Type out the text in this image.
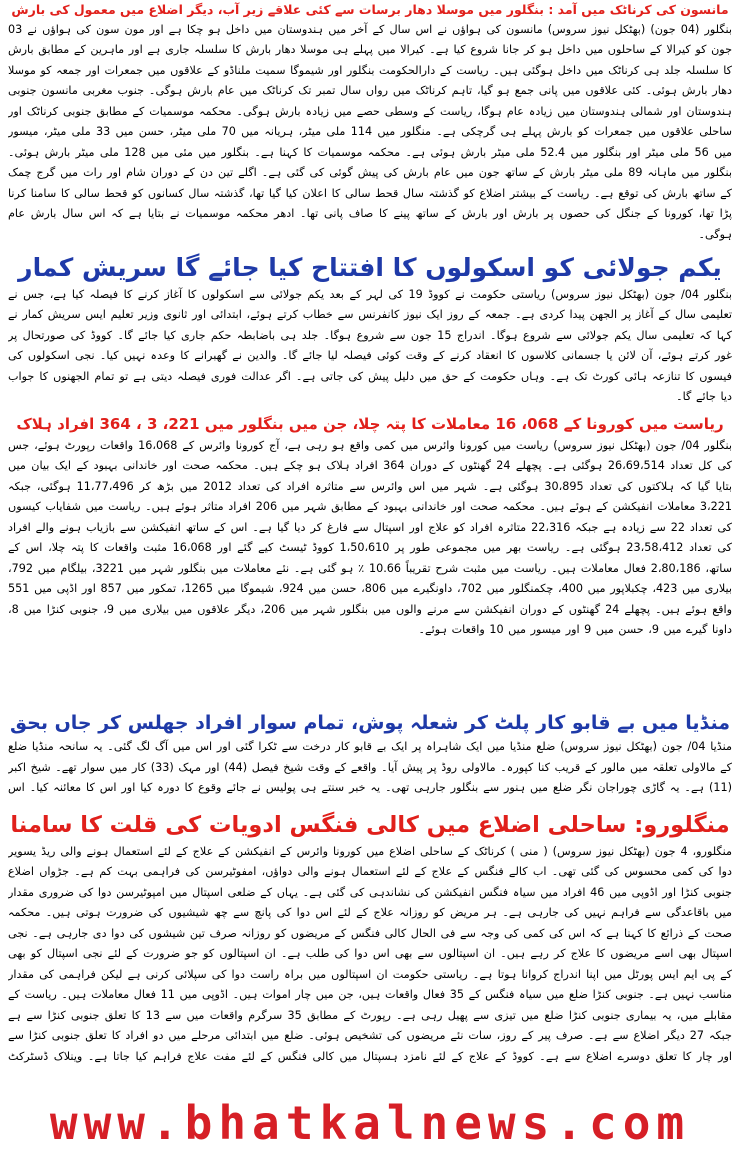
مانسون کی کرناٹک میں آمد : بنگلور میں موسلا دھار برسات سے کئی علاقے زیرِ آب، دیگر اضلاع میں معمول کی بارش

بنگلور (04 جون) (بھٹکل نیوز سروس) مانسون کی ہواؤں نے اس سال کے آخر میں ہندوستان میں داخل ہو چکا ہے اور مون سون کی ہواؤں نے 03 جون کو کیرالا کے ساحلوں میں داخل ہو کر جانا شروع کیا ہے۔ کیرالا میں پہلے ہی موسلا دھار بارش کا سلسلہ جاری ہے اور ماہرین کے مطابق بارش کا سلسلہ جلد ہی کرناٹک میں داخل ہوگئی ہیں۔ ریاست کے دارالحکومت بنگلور اور شیموگا سمیت ملناڈو کے علاقوں میں جمعرات اور جمعہ کو موسلا دھار بارش ہوئی۔ کئی علاقوں میں پانی جمع ہو گیا، تاہم کرناٹک میں رواں سال تمبر تک کرناٹک میں عام بارش ہوگی۔ جنوب مغربی مانسون جنوبی ہندوستان اور شمالی ہندوستان میں زیادہ عام ہوگا، ریاست کے وسطی حصے میں زیادہ بارش ہوگی۔ محکمہ موسمیات کے مطابق جنوبی کرناٹک اور ساحلی علاقوں میں جمعرات کو بارش پہلے ہی گرچکی ہے۔ منگلور میں 114 ملی میٹر، ہریانہ میں 70 ملی میٹر، حسن میں 33 ملی میٹر، میسور میں 56 ملی میٹر اور بنگلور میں 52.4 ملی میٹر بارش ہوئی ہے۔ محکمہ موسمیات کا کہنا ہے۔ بنگلور میں مئی میں 128 ملی میٹر بارش ہوئی۔ بنگلور میں ماہانہ 89 ملی میٹر بارش کے ساتھ جون میں عام بارش کی پیش گوئی کی گئی ہے۔ اگلے تین دن کے دوران شام اور رات میں گرج چمک کے ساتھ بارش کی توقع ہے۔ ریاست کے بیشتر اضلاع کو گذشتہ سال قحط سالی کا اعلان کیا گیا تھا، گذشتہ سال کسانوں کو قحط سالی کا سامنا کرنا پڑا تھا، کورونا کے جنگل کی حصوں پر بارش اور بارش کے ساتھ پینے کا صاف پانی تھا۔ ادھر محکمہ موسمیات نے بتایا ہے کہ اس سال بارش عام ہوگی۔

یکم جولائی کو اسکولوں کا افتتاح کیا جائے گا سریش کمار

بنگلور 04/ جون (بھٹکل نیوز سروس) ریاستی حکومت نے کووڈ 19 کی لہر کے بعد یکم جولائی سے اسکولوں کا آغاز کرنے کا فیصلہ کیا ہے، جس نے تعلیمی سال کے آغاز پر الجھن پیدا کردی ہے۔ جمعہ کے روز ایک نیوز کانفرنس سے خطاب کرتے ہوئے، ابتدائی اور ثانوی وزیر تعلیم ایس سریش کمار نے کہا کہ تعلیمی سال یکم جولائی سے شروع ہوگا۔ اندراج 15 جون سے شروع ہوگا۔ جلد ہی باضابطہ حکم جاری کیا جائے گا۔ کووڈ کی صورتحال پر غور کرتے ہوئے، آن لائن یا جسمانی کلاسوں کا انعقاد کرنے کے وقت کوئی فیصلہ لیا جائے گا۔ والدین نے گھبرانے کا وعدہ نہیں کیا۔ نجی اسکولوں کی فیسوں کا تنازعہ ہائی کورٹ تک ہے۔ وہاں حکومت کے حق میں دلیل پیش کی جاتی ہے۔ اگر عدالت فوری فیصلہ دیتی ہے تو تمام الجھنوں کا جواب دیا جائے گا۔

ریاست میں کورونا کے 068، 16 معاملات کا پتہ چلا، جن میں بنگلور میں 221، 3 ، 364 افراد ہلاک

بنگلور 04/ جون (بھٹکل نیوز سروس) ریاست میں کورونا وائرس میں کمی واقع ہو رہی ہے، آج کورونا وائرس کے 16،068 واقعات رپورٹ ہوئے، جس کی کل تعداد 26،69،514 ہوگئی ہے۔ پچھلے 24 گھنٹوں کے دوران 364 افراد ہلاک ہو چکے ہیں۔ محکمہ صحت اور خاندانی بہبود کے ایک بیان میں بتایا گیا کہ ہلاکتوں کی تعداد 30،895 ہوگئی ہے۔ شہر میں اس وائرس سے متاثرہ افراد کی تعداد 2012 میں بڑھ کر 11،77،496 ہوگئی، جبکہ 3،221 معاملات انفیکشن کے ہوئے ہیں۔ محکمہ صحت اور خاندانی بہبود کے مطابق شہر میں 206 افراد متاثر ہوئے ہیں۔ ریاست میں شفایاب کیسوں کی تعداد 22 سے زیادہ ہے جبکہ 22،316 متاثرہ افراد کو علاج اور اسپتال سے فارغ کر دیا گیا ہے۔ اس کے ساتھ انفیکشن سے بازیاب ہونے والے افراد کی تعداد 23،58،412 ہوگئی ہے۔ ریاست بھر میں مجموعی طور پر 1،50،610 کووڈ ٹیسٹ کیے گئے اور 16،068 مثبت واقعات کا پتہ چلا، اس کے ساتھ، 2،80،186 فعال معاملات ہیں۔ ریاست میں مثبت شرح تقریباً 10.66 ٪ ہو گئی ہے۔ نئے معاملات میں بنگلور شہر میں 3221، بیلگام میں 792، بیلاری میں 423، چکبلاپور میں 400، چکمنگلور میں 702، داونگیرے میں 806، حسن میں 924، شیموگا میں 1265، تمکور میں 857 اور اڈپی میں 551 واقع ہوئے ہیں۔ پچھلے 24 گھنٹوں کے دوران انفیکشن سے مرنے والوں میں بنگلور شہر میں 206، دیگر علاقوں میں بیلاری میں 9، جنوبی کنڑا میں 8، داونا گیرے میں 9، حسن میں 9 اور میسور میں 10 واقعات ہوئے۔

منڈیا میں بے قابو کار پلٹ کر شعلہ پوش، تمام سوار افراد جھلس کر جاں بحق

منڈیا 04/ جون (بھٹکل نیوز سروس) ضلع منڈیا میں ایک شاہراہ پر ایک بے قابو کار درخت سے ٹکرا گئی اور اس میں آگ لگ گئی۔ یہ سانحہ منڈیا ضلع کے مالاولی تعلقہ میں مالور کے قریب کنا کپورہ۔ مالاولی روڈ پر پیش آیا۔ واقعے کے وقت شیخ فیصل (44) اور مہک (33) کار میں سوار تھے۔ شیخ اکبر (11) ہے۔ یہ گاڑی چوراجان نگر ضلع میں ہنور سے بنگلور جارہی تھی۔ یہ خبر سنتے ہی پولیس نے جائے وقوع کا دورہ کیا اور اس کا معائنہ کیا۔ اس

منگلورو: ساحلی اضلاع میں کالی فنگس ادویات کی قلت کا سامنا

منگلورو، 4 جون (بھٹکل نیوز سروس) ( منی ) کرناٹک کے ساحلی اضلاع میں کورونا وائرس کے انفیکشن کے علاج کے لئے استعمال ہونے والی ریڈ یسویر دوا کی کمی محسوس کی گئی تھی۔ اب کالے فنگس کے علاج کے لئے استعمال ہونے والی دواؤں، امفوٹیرسن کی فراہمی بہت کم ہے۔ جڑواں اضلاع جنوبی کنڑا اور اڈوپی میں 46 افراد میں سیاہ فنگس انفیکشن کی نشاندہی کی گئی ہے۔ یہاں کے ضلعی اسپتال میں امپوٹیرسن دوا کی ضروری مقدار میں باقاعدگی سے فراہم نہیں کی جارہی ہے۔ ہر مریض کو روزانہ علاج کے لئے اس دوا کی پانچ سے چھ شیشیوں کی ضرورت ہوتی ہیں۔ محکمہ صحت کے ذرائع کا کہنا ہے کہ اس کی کمی کی وجہ سے فی الحال کالی فنگس کے مریضوں کو روزانہ صرف تین شیشوں کی دوا دی جارہی ہے۔ نجی اسپتال بھی اسے مریضوں کا علاج کر رہے ہیں۔ ان اسپتالوں سے بھی اس دوا کی طلب ہے۔ ان اسپتالوں کو جو ضرورت کے لئے نجی اسپتال کو بھی کے پی ایم ایس پورٹل میں اپنا اندراج کروانا ہوتا ہے۔ ریاستی حکومت ان اسپتالوں میں براہ راست دوا کی سپلائی کرنی ہے لیکن فراہمی کی مقدار مناسب نہیں ہے۔ جنوبی کنڑا ضلع میں سیاہ فنگس کے 35 فعال واقعات ہیں، جن میں چار اموات ہیں۔ اڈوپی میں 11 فعال معاملات ہیں۔ ریاست کے مقابلے میں، یہ بیماری جنوبی کنڑا ضلع میں تیزی سے پھیل رہی ہے۔ رپورٹ کے مطابق 35 سرگرم واقعات میں سے 13 کا تعلق جنوبی کنڑا سے ہے جبکہ 27 دیگر اضلاع سے ہے۔ صرف پیر کے روز، سات نئے مریضوں کی تشخیص ہوئی۔ ضلع میں ابتدائی مرحلے میں دو افراد کا تعلق جنوبی کنڑا سے اور چار کا تعلق دوسرے اضلاع سے ہے۔ کووڈ کے علاج کے لئے نامزد ہسپتال میں کالی فنگس کے لئے مفت علاج فراہم کیا جاتا ہے۔ وینلاک ڈسٹرکٹ

www.bhatkalnews.com
